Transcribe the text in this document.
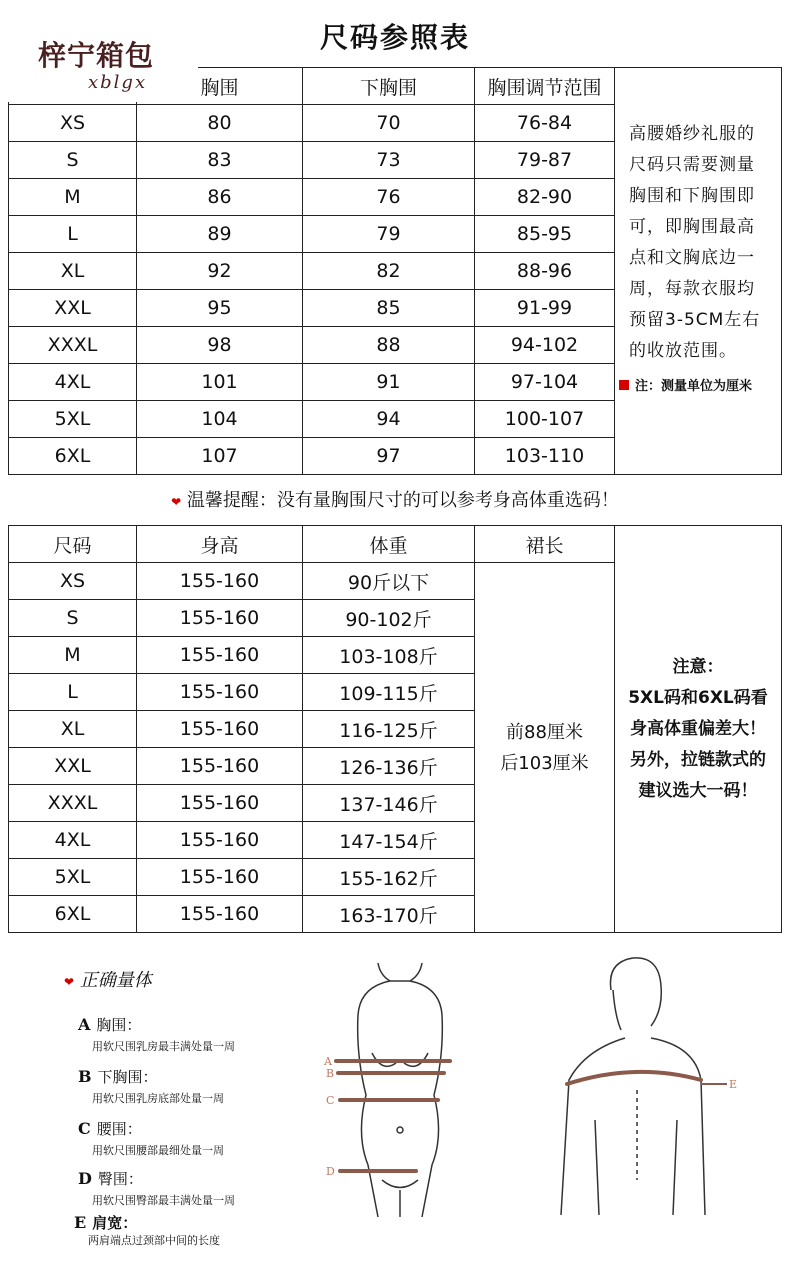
尺码参照表
	胸围	下胸围	胸围调节范围	高腰婚纱礼服的尺码只需要测量胸围和下胸围即可，即胸围最高点和文胸底边一周，每款衣服均预留3-5CM左右的收放范围。
注：测量单位为厘米

XS	80	70	76-84	
S	83	73	79-87	
M	86	76	82-90	
L	89	79	85-95	
XL	92	82	88-96	
XXL	95	85	91-99	
XXXL	98	88	94-102	
4XL	101	91	97-104	
5XL	104	94	100-107	
6XL	107	97	103-110	
梓宁箱包
xblgx
❤ 温馨提醒：没有量胸围尺寸的可以参考身高体重选码！
尺码	身高	体重	裙长	注意：
5XL码和6XL码看
身高体重偏差大！
另外，拉链款式的
建议选大一码！

XS	155-160	90斤以下	前88厘米
后103厘米	

S	155-160	90-102斤		
M	155-160	103-108斤		
L	155-160	109-115斤		
XL	155-160	116-125斤		
XXL	155-160	126-136斤		
XXXL	155-160	137-146斤		
4XL	155-160	147-154斤		
5XL	155-160	155-162斤		
6XL	155-160	163-170斤		
❤ 正确量体
A 胸围：
用软尺围乳房最丰满处量一周
B 下胸围：
用软尺围乳房底部处量一周
C 腰围：
用软尺围腰部最细处量一周
D 臀围：
用软尺围臀部最丰满处量一周
E 肩宽：
两肩端点过颈部中间的长度
A
B
C
D
E
